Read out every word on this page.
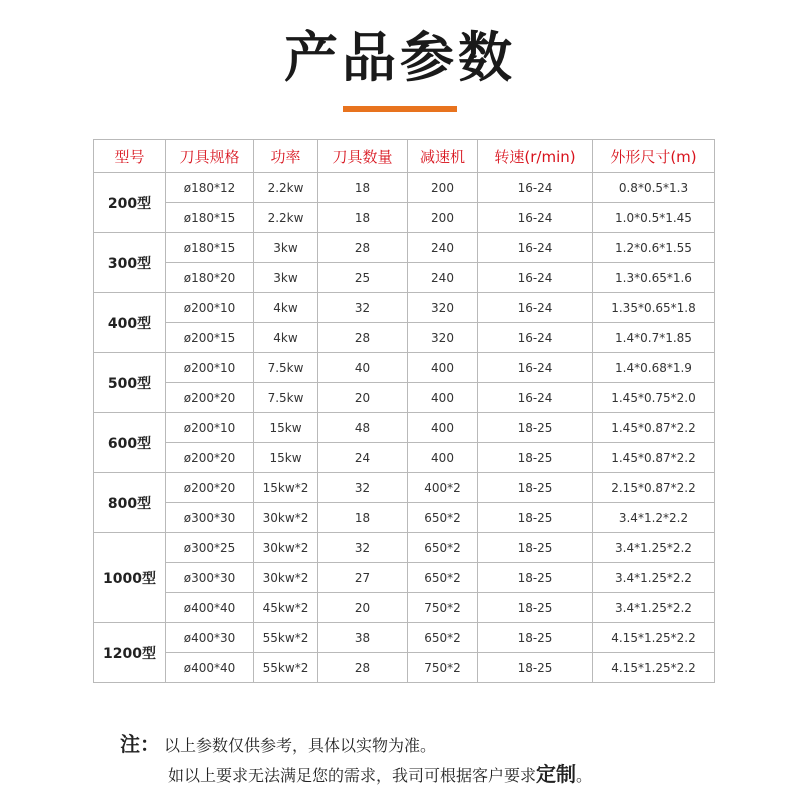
产品参数
型号	刀具规格	功率	刀具数量	减速机	转速(r/min)	外形尺寸(m)
200型	ø180*12	2.2kw	18	200	16-24	0.8*0.5*1.3
	ø180*15	2.2kw	18	200	16-24	1.0*0.5*1.45
300型	ø180*15	3kw	28	240	16-24	1.2*0.6*1.55
	ø180*20	3kw	25	240	16-24	1.3*0.65*1.6
400型	ø200*10	4kw	32	320	16-24	1.35*0.65*1.8
	ø200*15	4kw	28	320	16-24	1.4*0.7*1.85
500型	ø200*10	7.5kw	40	400	16-24	1.4*0.68*1.9
	ø200*20	7.5kw	20	400	16-24	1.45*0.75*2.0
600型	ø200*10	15kw	48	400	18-25	1.45*0.87*2.2
	ø200*20	15kw	24	400	18-25	1.45*0.87*2.2
800型	ø200*20	15kw*2	32	400*2	18-25	2.15*0.87*2.2
	ø300*30	30kw*2	18	650*2	18-25	3.4*1.2*2.2
1000型	ø300*25	30kw*2	32	650*2	18-25	3.4*1.25*2.2
	ø300*30	30kw*2	27	650*2	18-25	3.4*1.25*2.2
	ø400*40	45kw*2	20	750*2	18-25	3.4*1.25*2.2
1200型	ø400*30	55kw*2	38	650*2	18-25	4.15*1.25*2.2
	ø400*40	55kw*2	28	750*2	18-25	4.15*1.25*2.2
注： 以上参数仅供参考，具体以实物为准。
如以上要求无法满足您的需求，我司可根据客户要求定制。
